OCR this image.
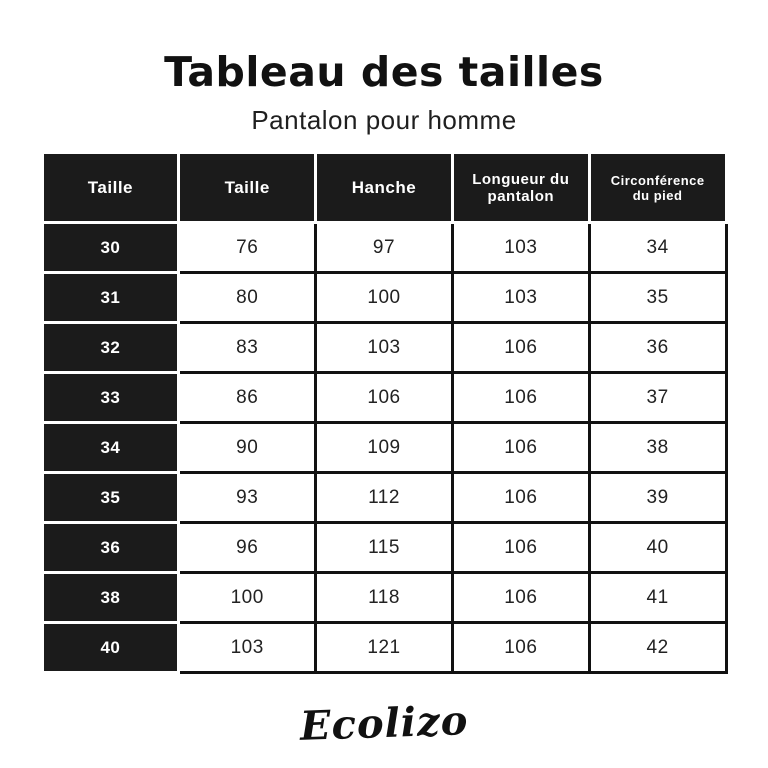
Tableau des tailles

Pantalon pour homme

Taille	Taille	Hanche	Longueur du pantalon	Circonférence du pied
30	76	97	103	34
31	80	100	103	35
32	83	103	106	36
33	86	106	106	37
34	90	109	106	38
35	93	112	106	39
36	96	115	106	40
38	100	118	106	41
40	103	121	106	42
Ecolizo
